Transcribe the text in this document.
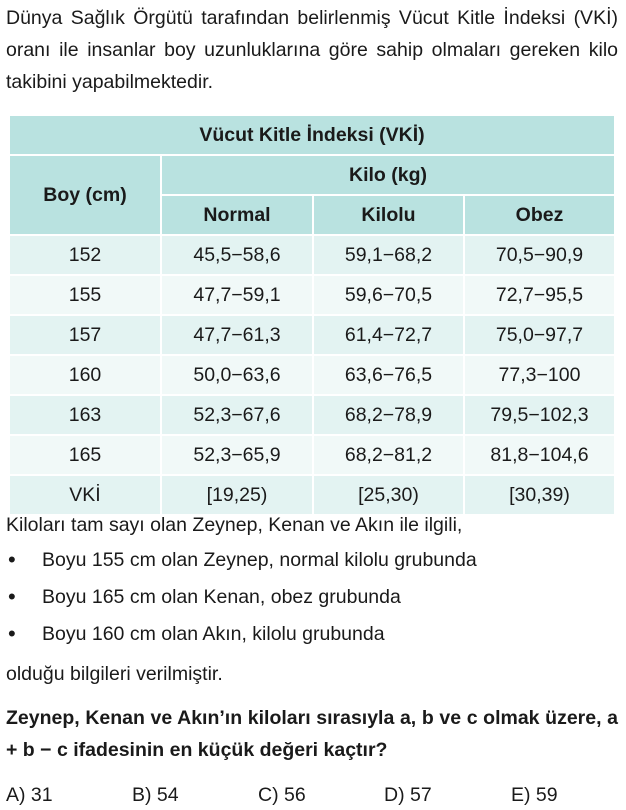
Dünya Sağlık Örgütü tarafından belirlenmiş Vücut Kitle İndeksi (VKİ) oranı ile insanlar boy uzunluklarına göre sahip olmaları gereken kilo takibini yapabilmektedir.

Vücut Kitle İndeksi (VKİ)			
Boy (cm)	Kilo (kg)		
	Normal	Kilolu	Obez
152	45,5−58,6	59,1−68,2	70,5−90,9
155	47,7−59,1	59,6−70,5	72,7−95,5
157	47,7−61,3	61,4−72,7	75,0−97,7
160	50,0−63,6	63,6−76,5	77,3−100
163	52,3−67,6	68,2−78,9	79,5−102,3
165	52,3−65,9	68,2−81,2	81,8−104,6
VKİ	[19,25)	[25,30)	[30,39)
Kiloları tam sayı olan Zeynep, Kenan ve Akın ile ilgili,
• Boyu 155 cm olan Zeynep, normal kilolu grubunda
• Boyu 165 cm olan Kenan, obez grubunda
• Boyu 160 cm olan Akın, kilolu grubunda
olduğu bilgileri verilmiştir.

Zeynep, Kenan ve Akın’ın kiloları sırasıyla a, b ve c olmak üzere, a + b − c ifadesinin en küçük değeri kaçtır?

A) 31	B) 54	C) 56	D) 57	E) 59
